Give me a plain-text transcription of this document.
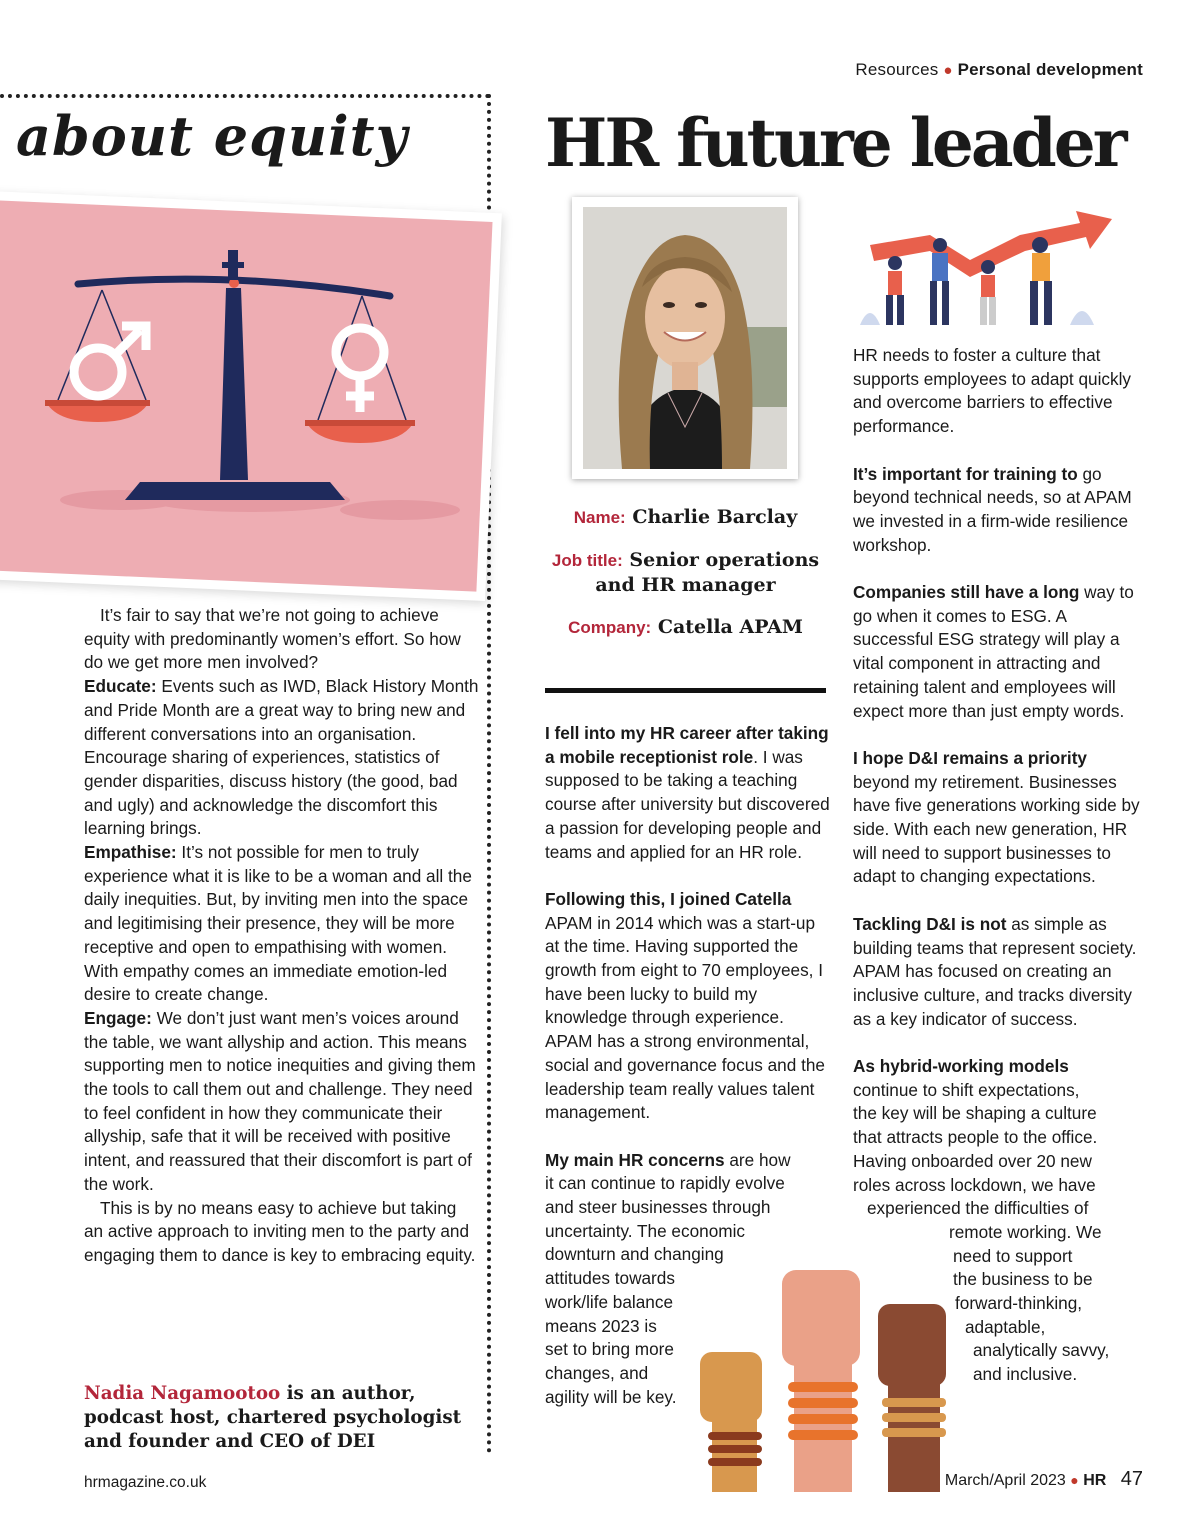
Resources ● Personal development
about equity HR future leader

It’s fair to say that we’re not going to achieve equity with predominantly women’s effort. So how do we get more men involved?

Educate: Events such as IWD, Black History Month and Pride Month are a great way to bring new and different conversations into an organisation. Encourage sharing of experiences, statistics of gender disparities, discuss history (the good, bad and ugly) and acknowledge the discomfort this learning brings.

Empathise: It’s not possible for men to truly experience what it is like to be a woman and all the daily inequities. But, by inviting men into the space and legitimising their presence, they will be more receptive and open to empathising with women. With empathy comes an immediate emotion-led desire to create change.

Engage: We don’t just want men’s voices around the table, we want allyship and action. This means supporting men to notice inequities and giving them the tools to call them out and challenge. They need to feel confident in how they communicate their allyship, safe that it will be received with positive intent, and reassured that their discomfort is part of the work.

This is by no means easy to achieve but taking an active approach to inviting men to the party and engaging them to dance is key to embracing equity.

Nadia Nagamootoo is an author, podcast host, chartered psychologist and founder and CEO of DEI
Name: Charlie Barclay
Job title: Senior operations and HR manager
Company: Catella APAM

I fell into my HR career after taking a mobile receptionist role. I was supposed to be taking a teaching course after university but discovered a passion for developing people and teams and applied for an HR role.

Following this, I joined Catella APAM in 2014 which was a start-up at the time. Having supported the growth from eight to 70 employees, I have been lucky to build my knowledge through experience. APAM has a strong environmental, social and governance focus and the leadership team really values talent management.

My main HR concerns are how
it can continue to rapidly evolve
and steer businesses through
uncertainty. The economic
downturn and changing
attitudes towards
work/life balance
means 2023 is
set to bring more
changes, and
agility will be key.

HR needs to foster a culture that supports employees to adapt quickly and overcome barriers to effective performance.

It’s important for training to go beyond technical needs, so at APAM we invested in a firm-wide resilience workshop.

Companies still have a long way to go when it comes to ESG. A successful ESG strategy will play a vital component in attracting and retaining talent and employees will expect more than just empty words.

I hope D&I remains a priority beyond my retirement. Businesses have five generations working side by side. With each new generation, HR will need to support businesses to adapt to changing expectations.

Tackling D&I is not as simple as building teams that represent society. APAM has focused on creating an inclusive culture, and tracks diversity as a key indicator of success.

As hybrid-working models
continue to shift expectations,
the key will be shaping a culture
that attracts people to the office.
Having onboarded over 20 new
roles across lockdown, we have
experienced the difficulties of
remote working. We
need to support
the business to be
forward-thinking,
adaptable,
analytically savvy,
and inclusive.
hrmagazine.co.uk	March/April 2023 ● HR 47
